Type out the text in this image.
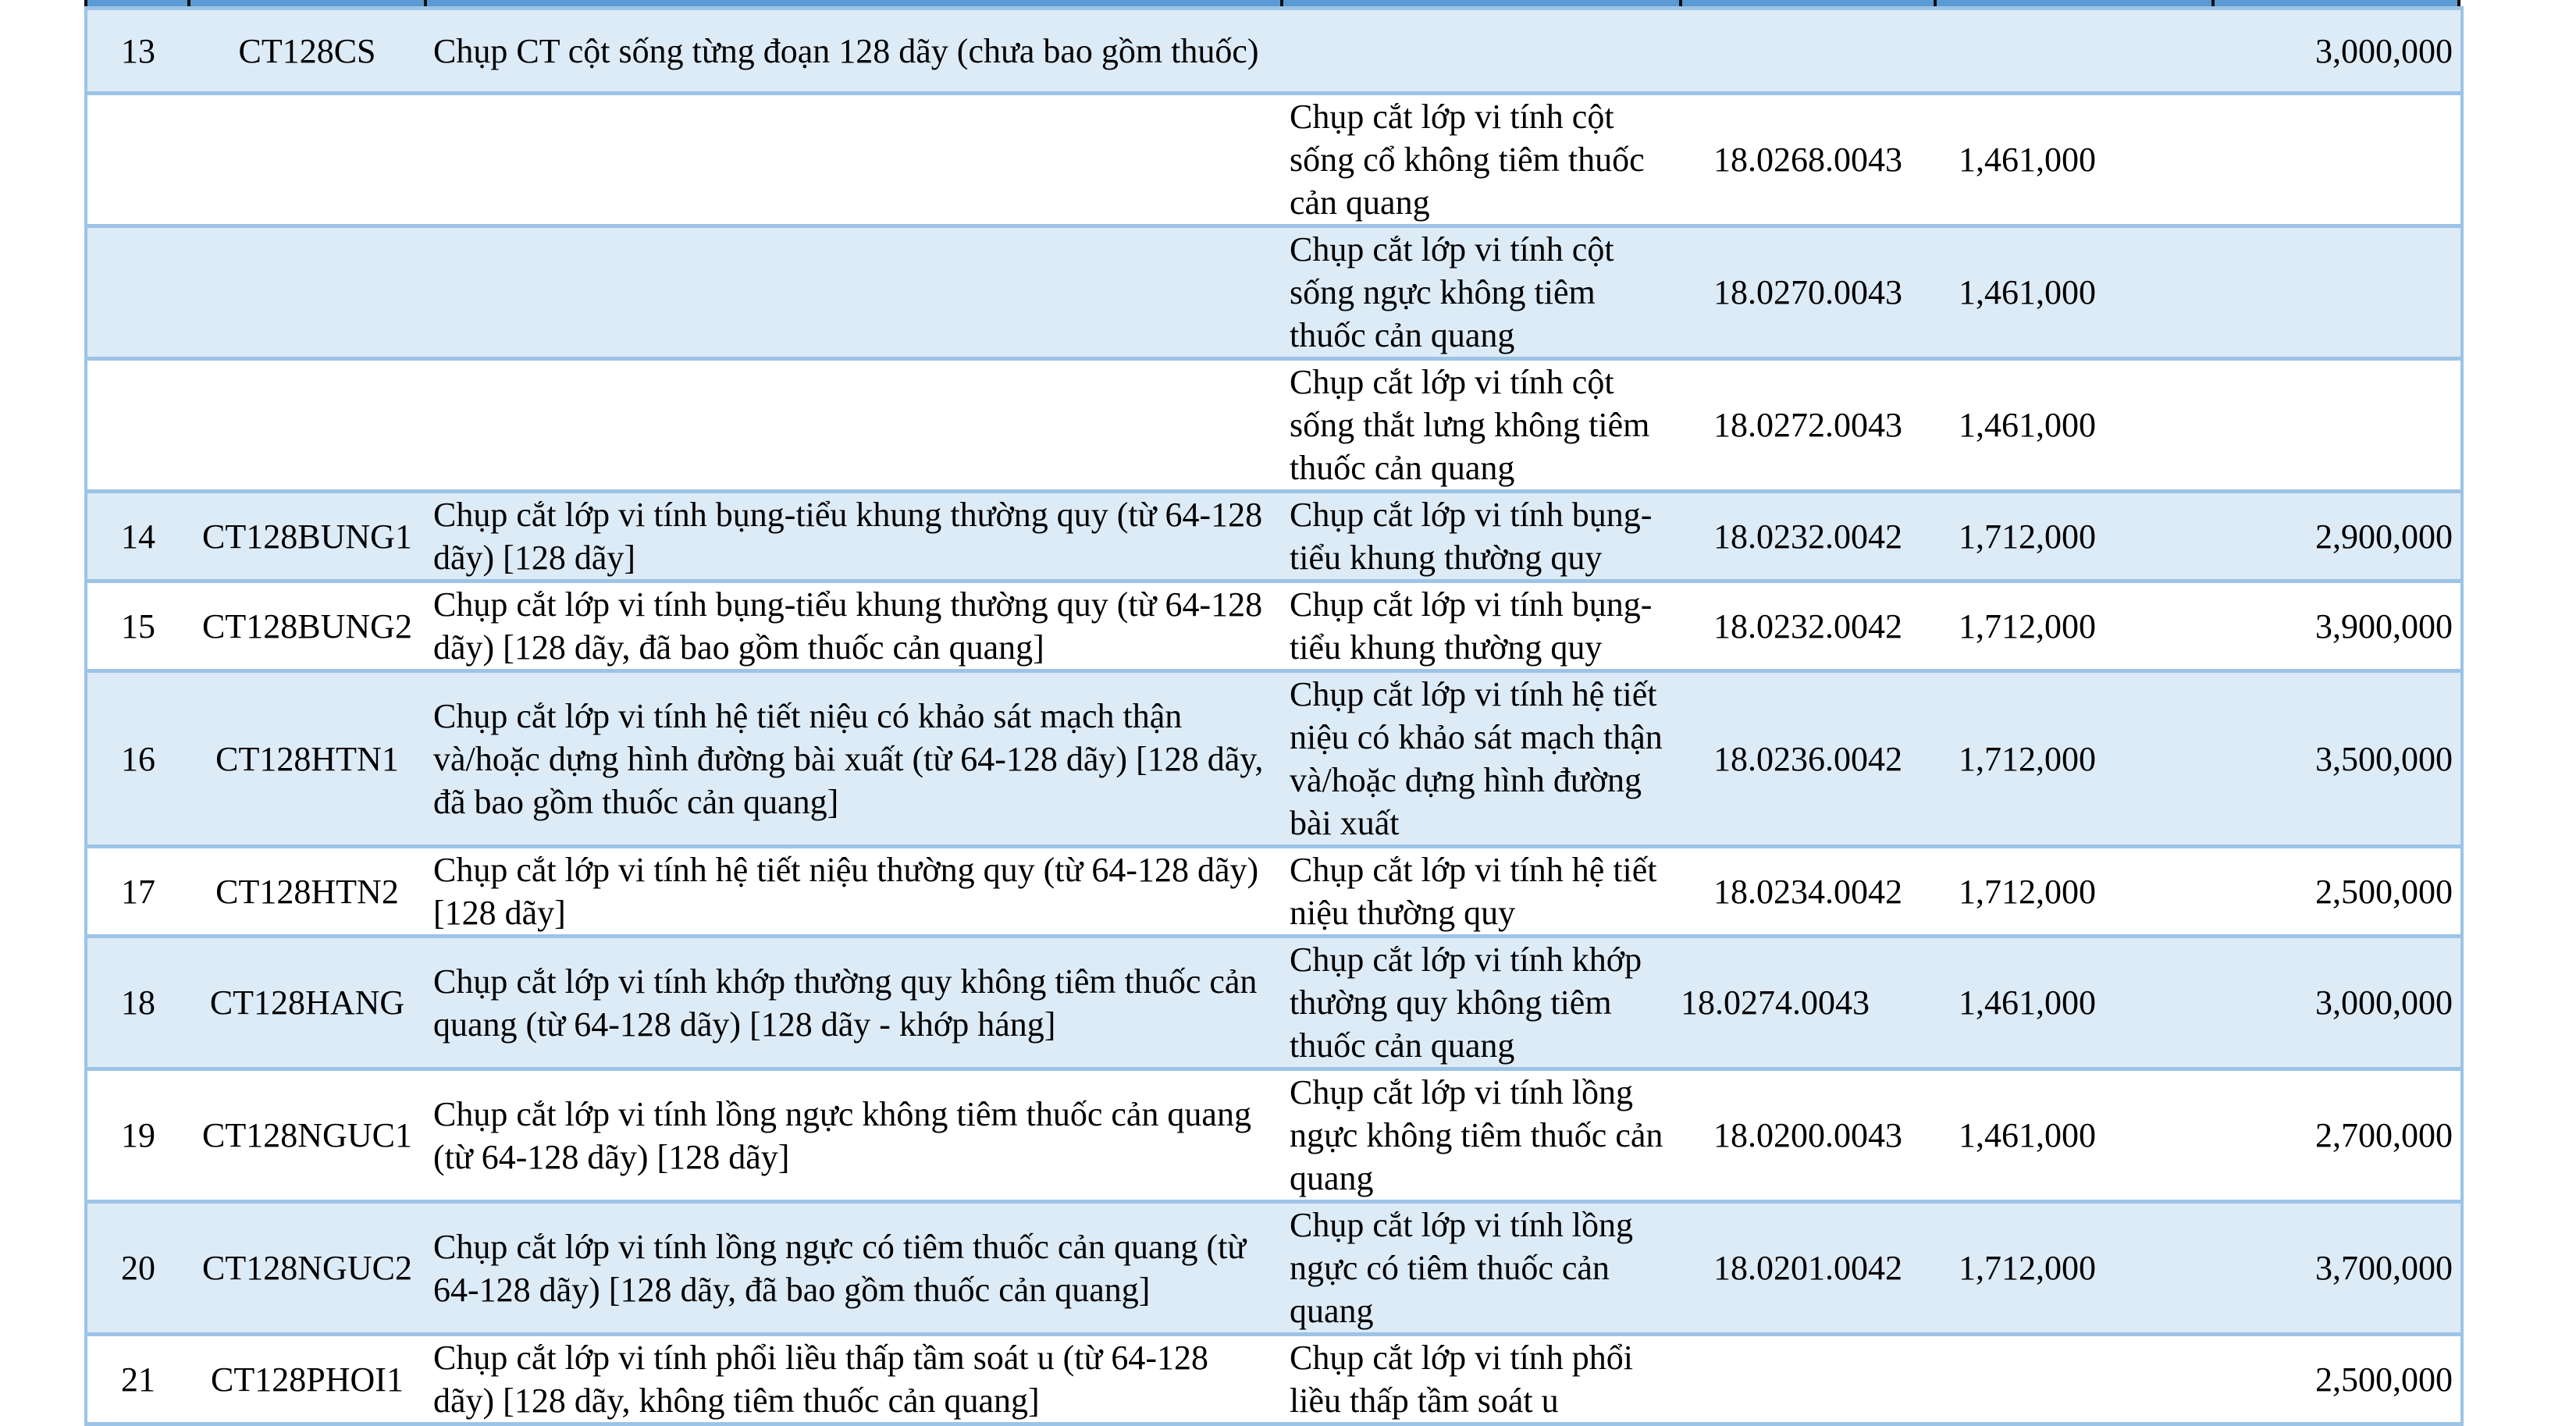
13	CT128CS	Chụp CT cột sống từng đoạn 128 dãy (chưa bao gồm thuốc)				3,000,000
			Chụp cắt lớp vi tính cột sống cổ không tiêm thuốc cản quang	18.0268.0043	1,461,000	
			Chụp cắt lớp vi tính cột sống ngực không tiêm thuốc cản quang	18.0270.0043	1,461,000	
			Chụp cắt lớp vi tính cột sống thắt lưng không tiêm thuốc cản quang	18.0272.0043	1,461,000	
14	CT128BUNG1	Chụp cắt lớp vi tính bụng-tiểu khung thường quy (từ 64-128 dãy) [128 dãy]	Chụp cắt lớp vi tính bụng-tiểu khung thường quy	18.0232.0042	1,712,000	2,900,000
15	CT128BUNG2	Chụp cắt lớp vi tính bụng-tiểu khung thường quy (từ 64-128 dãy) [128 dãy, đã bao gồm thuốc cản quang]	Chụp cắt lớp vi tính bụng-tiểu khung thường quy	18.0232.0042	1,712,000	3,900,000
16	CT128HTN1	Chụp cắt lớp vi tính hệ tiết niệu có khảo sát mạch thận và/hoặc dựng hình đường bài xuất (từ 64-128 dãy) [128 dãy, đã bao gồm thuốc cản quang]	Chụp cắt lớp vi tính hệ tiết niệu có khảo sát mạch thận và/hoặc dựng hình đường bài xuất	18.0236.0042	1,712,000	3,500,000
17	CT128HTN2	Chụp cắt lớp vi tính hệ tiết niệu thường quy (từ 64-128 dãy) [128 dãy]	Chụp cắt lớp vi tính hệ tiết niệu thường quy	18.0234.0042	1,712,000	2,500,000
18	CT128HANG	Chụp cắt lớp vi tính khớp thường quy không tiêm thuốc cản quang (từ 64-128 dãy) [128 dãy - khớp háng]	Chụp cắt lớp vi tính khớp thường quy không tiêm thuốc cản quang	18.0274.0043	1,461,000	3,000,000
19	CT128NGUC1	Chụp cắt lớp vi tính lồng ngực không tiêm thuốc cản quang (từ 64-128 dãy) [128 dãy]	Chụp cắt lớp vi tính lồng ngực không tiêm thuốc cản quang	18.0200.0043	1,461,000	2,700,000
20	CT128NGUC2	Chụp cắt lớp vi tính lồng ngực có tiêm thuốc cản quang (từ 64-128 dãy) [128 dãy, đã bao gồm thuốc cản quang]	Chụp cắt lớp vi tính lồng ngực có tiêm thuốc cản quang	18.0201.0042	1,712,000	3,700,000
21	CT128PHOI1	Chụp cắt lớp vi tính phổi liều thấp tầm soát u (từ 64-128 dãy) [128 dãy, không tiêm thuốc cản quang]	Chụp cắt lớp vi tính phổi liều thấp tầm soát u			2,500,000
